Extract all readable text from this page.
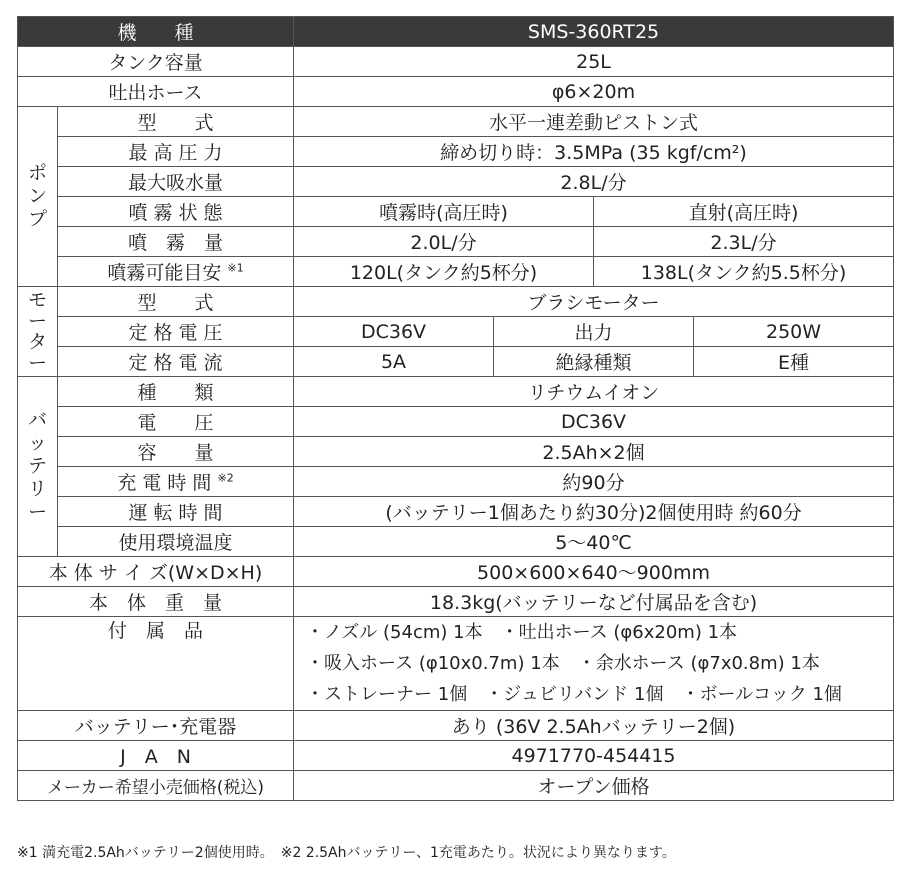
機　　種		SMS-360RT25			
タンク容量		25L			
吐出ホース		φ6×20m			

ポ
ン
プ	型　　式	水平一連差動ピストン式			
	最 高 圧 力	締め切り時：3.5MPa (35 kgf/cm²)			
	最大吸水量	2.8L/分			
	噴 霧 状 態	噴霧時(高圧時)		直射(高圧時)	
	噴　霧　量	2.0L/分		2.3L/分	
	噴霧可能目安 $^{※1}$	120L(タンク約5杯分)		138L(タンク約5.5杯分)	

モ
ー
タ
ー	型　　式	ブラシモーター			
	定 格 電 圧	DC36V	出力		250W
	定 格 電 流	5A	絶縁種類		E種

バ
ッ
テ
リ
ー	種　　類	リチウムイオン			
	電　　圧	DC36V			
	容　　量	2.5Ah×2個			
	充 電 時 間 $^{※2}$	約90分			
	運 転 時 間	(バッテリー1個あたり約30分)2個使用時 約60分			
	使用環境温度	5～40℃			
本 体 サ イ ズ(W×D×H)		500×600×640～900mm			
本　体　重　量		18.3kg(バッテリーなど付属品を含む)			
付　属　品		・ノズル (54cm) 1本　・吐出ホース (φ6x20m) 1本
・吸入ホース (φ10x0.7m) 1本　・余水ホース (φ7x0.8m) 1本
・ストレーナー 1個　・ジュビリバンド 1個　・ボールコック 1個			

バッテリー･充電器		あり (36V 2.5Ahバッテリー2個)			
J　A　N		4971770-454415			
メーカー希望小売価格(税込)		オープン価格			
※1 満充電2.5Ahバッテリー2個使用時。　※2 2.5Ahバッテリー、1充電あたり。状況により異なります。
